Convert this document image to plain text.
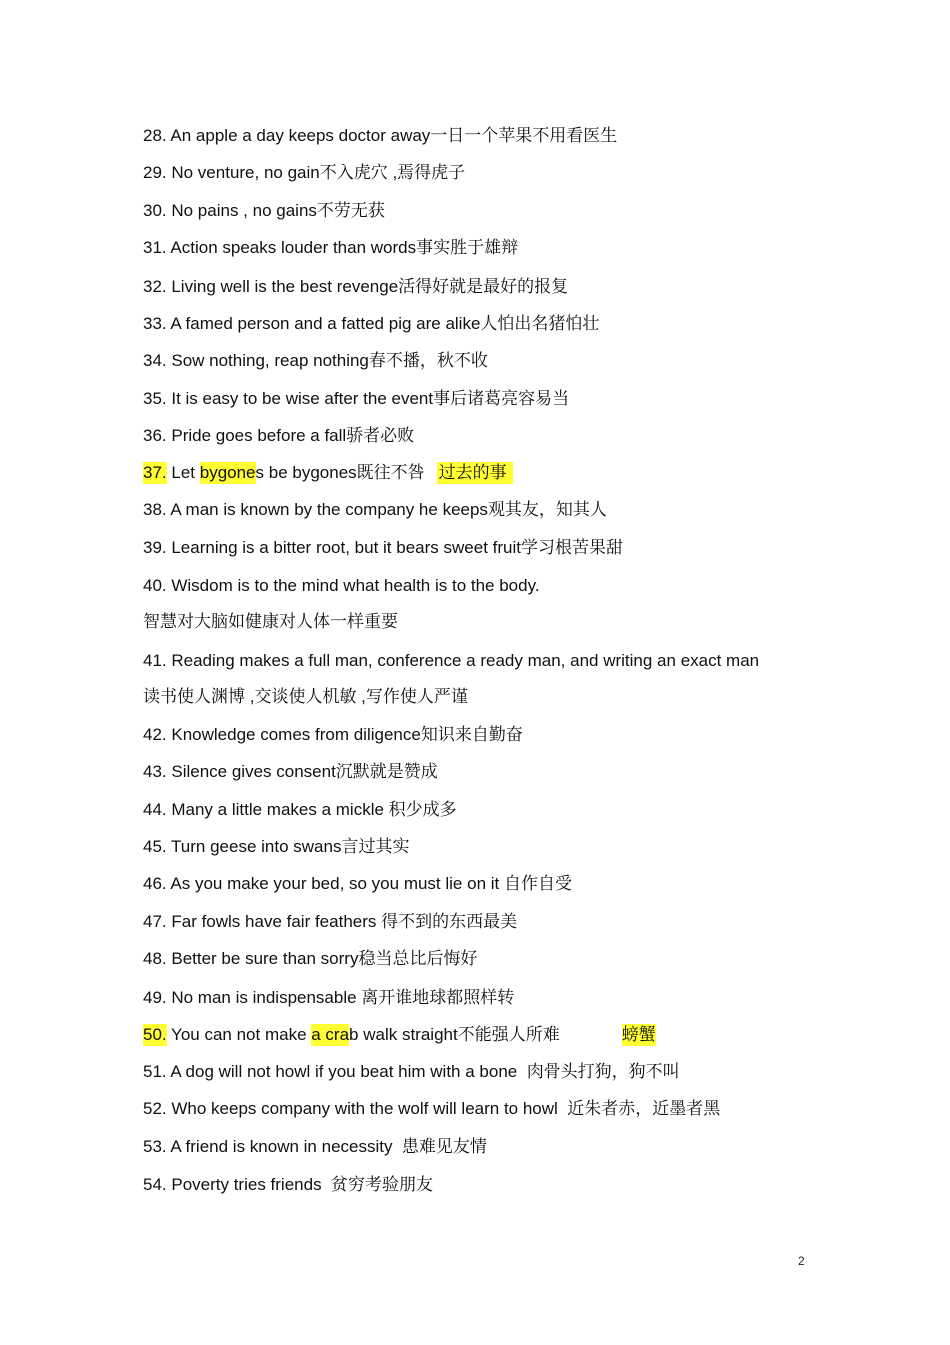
28. An apple a day keeps doctor away一日一个苹果不用看医生
29. No venture, no gain不入虎穴 ,焉得虎子
30. No pains , no gains不劳无获
31. Action speaks louder than words事实胜于雄辩
32. Living well is the best revenge活得好就是最好的报复
33. A famed person and a fatted pig are alike人怕出名猪怕壮
34. Sow nothing, reap nothing春不播，秋不收
35. It is easy to be wise after the event事后诸葛亮容易当
36. Pride goes before a fall骄者必败
37. Let bygones be bygones既往不咎 过去的事
38. A man is known by the company he keeps观其友，知其人
39. Learning is a bitter root, but it bears sweet fruit学习根苦果甜
40. Wisdom is to the mind what health is to the body.
智慧对大脑如健康对人体一样重要
41. Reading makes a full man, conference a ready man, and writing an exact man
读书使人渊博 ,交谈使人机敏 ,写作使人严谨
42. Knowledge comes from diligence知识来自勤奋
43. Silence gives consent沉默就是赞成
44. Many a little makes a mickle 积少成多
45. Turn geese into swans言过其实
46. As you make your bed, so you must lie on it 自作自受
47. Far fowls have fair feathers 得不到的东西最美
48. Better be sure than sorry稳当总比后悔好
49. No man is indispensable 离开谁地球都照样转
50. You can not make a crab walk straight不能强人所难	螃蟹
51. A dog will not howl if you beat him with a bone  肉骨头打狗，狗不叫
52. Who keeps company with the wolf will learn to howl  近朱者赤，近墨者黑
53. A friend is known in necessity  患难见友情
54. Poverty tries friends  贫穷考验朋友
2
